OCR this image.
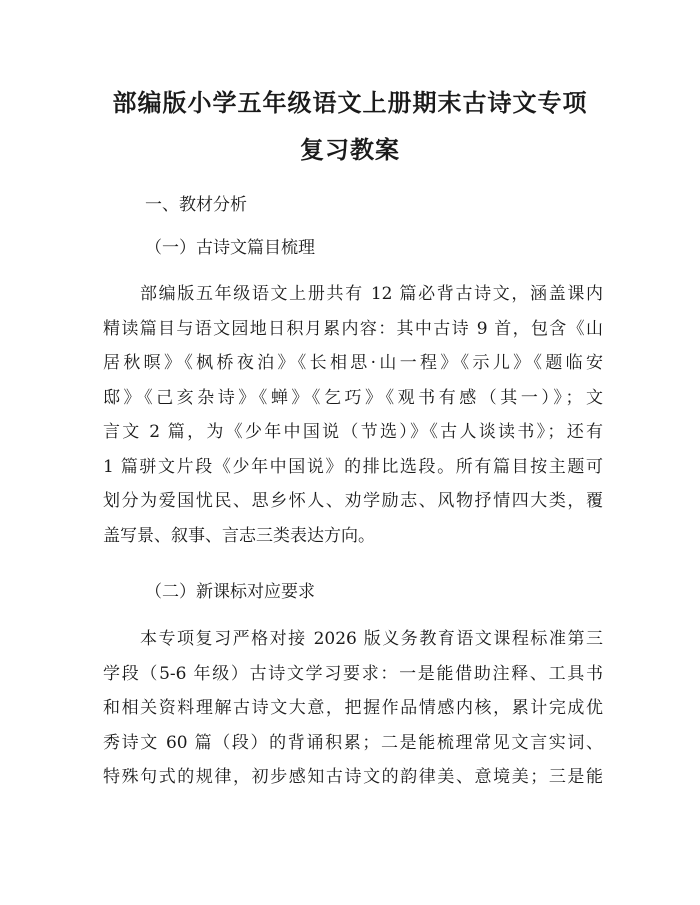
部编版小学五年级语文上册期末古诗文专项
复习教案

一、教材分析

（一）古诗文篇目梳理

部编版五年级语文上册共有 12 篇必背古诗文，涵盖课内
精读篇目与语文园地日积月累内容：其中古诗 9 首，包含《山
居秋暝》《枫桥夜泊》《长相思·山一程》《示儿》《题临安
邸》《己亥杂诗》《蝉》《乞巧》《观书有感（其一）》；文
言文 2 篇，为《少年中国说（节选）》《古人谈读书》；还有
1 篇骈文片段《少年中国说》的排比选段。所有篇目按主题可
划分为爱国忧民、思乡怀人、劝学励志、风物抒情四大类，覆
盖写景、叙事、言志三类表达方向。

（二）新课标对应要求

本专项复习严格对接 2026 版义务教育语文课程标准第三
学段（5-6 年级）古诗文学习要求：一是能借助注释、工具书
和相关资料理解古诗文大意，把握作品情感内核，累计完成优
秀诗文 60 篇（段）的背诵积累；二是能梳理常见文言实词、
特殊句式的规律，初步感知古诗文的韵律美、意境美；三是能
